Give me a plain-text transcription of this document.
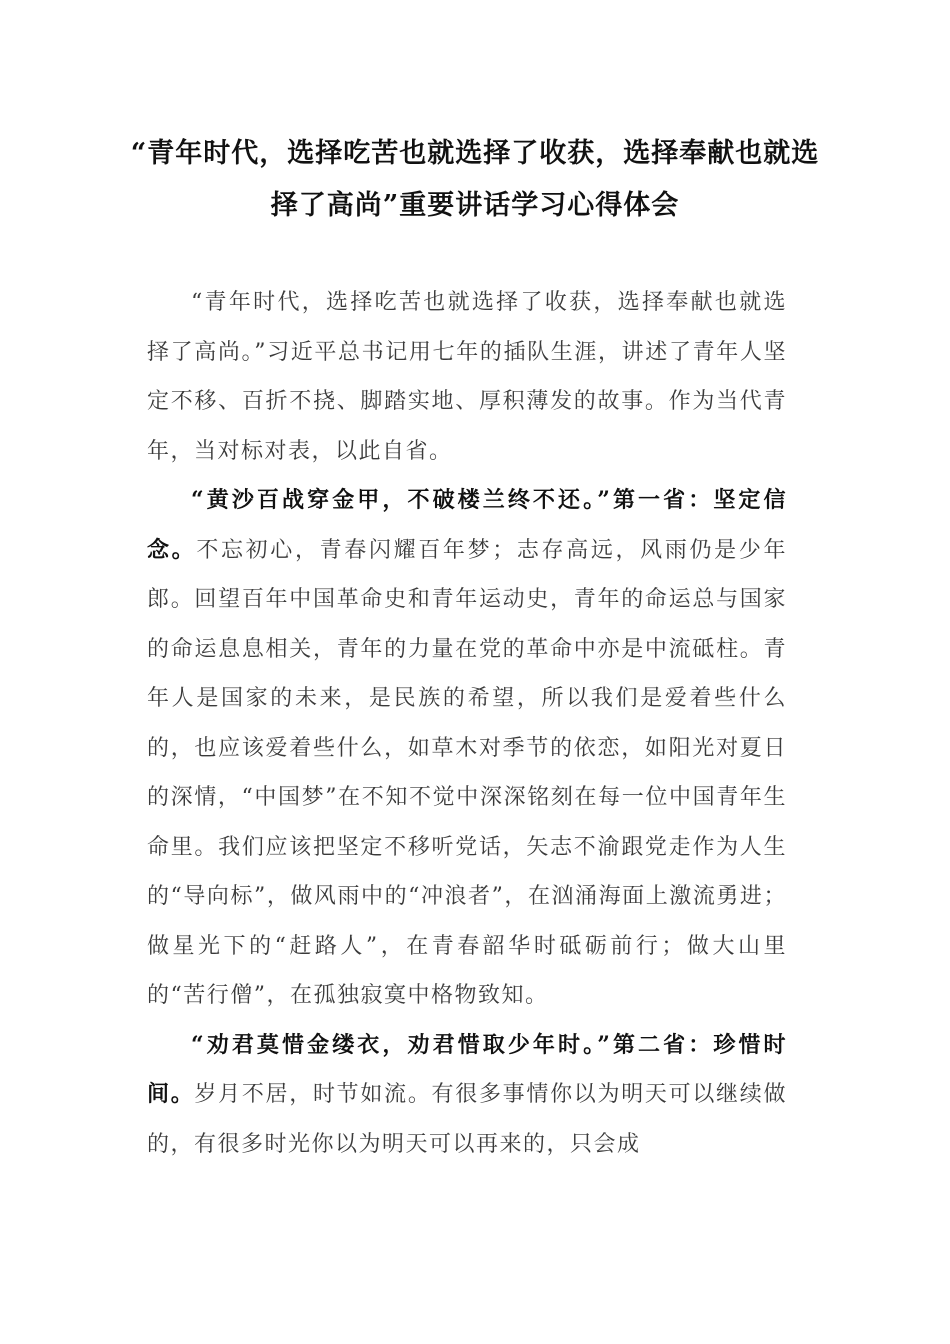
“青年时代，选择吃苦也就选择了收获，选择奉献也就选择了高尚”重要讲话学习心得体会

“青年时代，选择吃苦也就选择了收获，选择奉献也就选择了高尚。”习近平总书记用七年的插队生涯，讲述了青年人坚定不移、百折不挠、脚踏实地、厚积薄发的故事。作为当代青年，当对标对表，以此自省。

“黄沙百战穿金甲，不破楼兰终不还。”第一省：坚定信念。不忘初心，青春闪耀百年梦；志存高远，风雨仍是少年郎。回望百年中国革命史和青年运动史，青年的命运总与国家的命运息息相关，青年的力量在党的革命中亦是中流砥柱。青年人是国家的未来，是民族的希望，所以我们是爱着些什么的，也应该爱着些什么，如草木对季节的依恋，如阳光对夏日的深情，“中国梦”在不知不觉中深深铭刻在每一位中国青年生命里。我们应该把坚定不移听党话，矢志不渝跟党走作为人生的“导向标”，做风雨中的“冲浪者”，在汹涌海面上激流勇进；做星光下的“赶路人”，在青春韶华时砥砺前行；做大山里的“苦行僧”，在孤独寂寞中格物致知。

“劝君莫惜金缕衣，劝君惜取少年时。”第二省：珍惜时间。岁月不居，时节如流。有很多事情你以为明天可以继续做的，有很多时光你以为明天可以再来的，只会成
